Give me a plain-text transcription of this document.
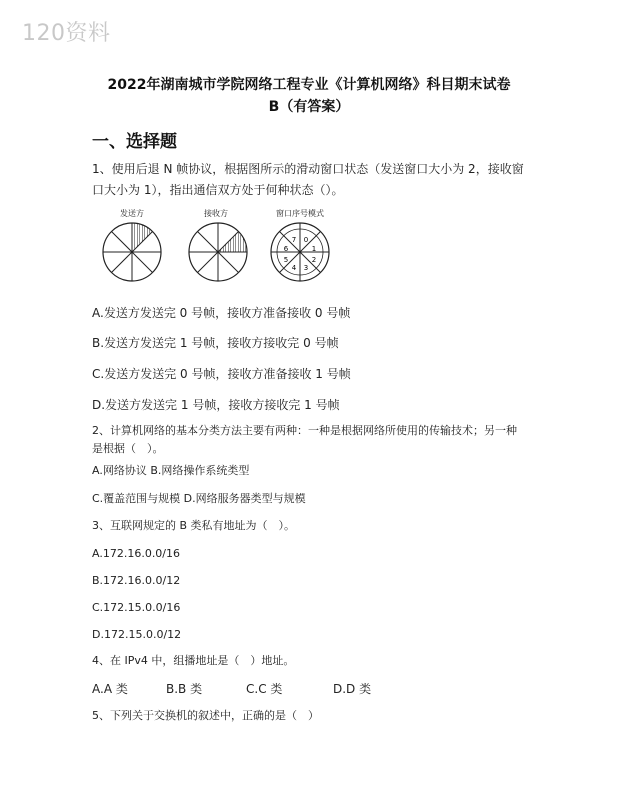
120资料
2022年湖南城市学院网络工程专业《计算机网络》科目期末试卷
B（有答案）
一、选择题
1、使用后退 N 帧协议，根据图所示的滑动窗口状态（发送窗口大小为 2，接收窗
口大小为 1），指出通信双方处于何种状态（）。
发送方	接收方	窗口序号模式
7 0
1
2
3
4
5
6
A.发送方发送完 0 号帧，接收方准备接收 0 号帧
B.发送方发送完 1 号帧，接收方接收完 0 号帧
C.发送方发送完 0 号帧，接收方准备接收 1 号帧
D.发送方发送完 1 号帧，接收方接收完 1 号帧
2、计算机网络的基本分类方法主要有两种：一种是根据网络所使用的传输技术；另一种
是根据（　）。
A.网络协议 B.网络操作系统类型
C.覆盖范围与规模 D.网络服务器类型与规模
3、互联网规定的 B 类私有地址为（　）。
A.172.16.0.0/16
B.172.16.0.0/12
C.172.15.0.0/16
D.172.15.0.0/12
4、在 IPv4 中，组播地址是（　）地址。
A.A 类	B.B 类	C.C 类	D.D 类
5、下列关于交换机的叙述中，正确的是（　）
